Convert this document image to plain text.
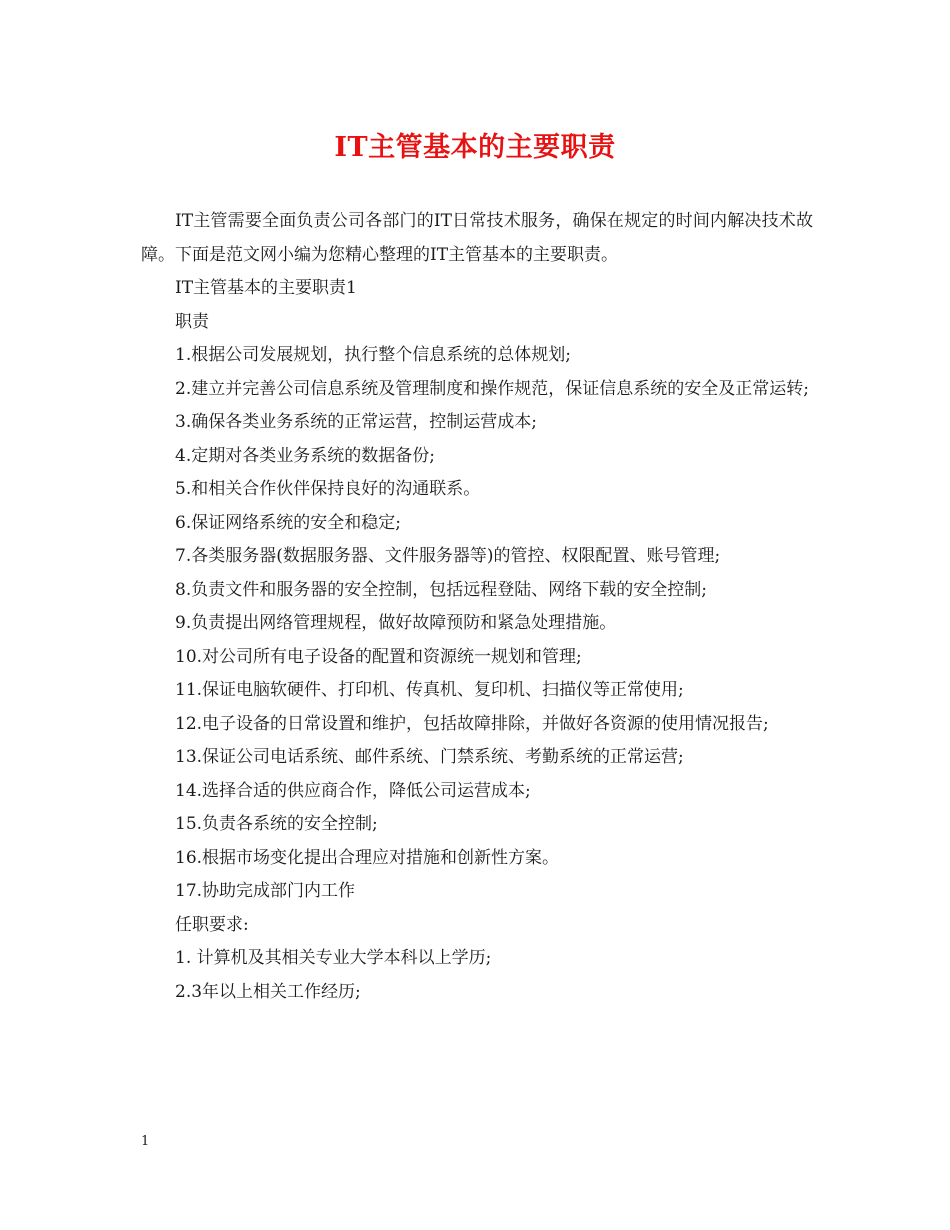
IT主管基本的主要职责

IT主管需要全面负责公司各部门的IT日常技术服务，确保在规定的时间内解决技术故障。下面是范文网小编为您精心整理的IT主管基本的主要职责。

IT主管基本的主要职责1

职责

1.根据公司发展规划，执行整个信息系统的总体规划;

2.建立并完善公司信息系统及管理制度和操作规范，保证信息系统的安全及正常运转;

3.确保各类业务系统的正常运营，控制运营成本;

4.定期对各类业务系统的数据备份;

5.和相关合作伙伴保持良好的沟通联系。

6.保证网络系统的安全和稳定;

7.各类服务器(数据服务器、文件服务器等)的管控、权限配置、账号管理;

8.负责文件和服务器的安全控制，包括远程登陆、网络下载的安全控制;

9.负责提出网络管理规程，做好故障预防和紧急处理措施。

10.对公司所有电子设备的配置和资源统一规划和管理;

11.保证电脑软硬件、打印机、传真机、复印机、扫描仪等正常使用;

12.电子设备的日常设置和维护，包括故障排除，并做好各资源的使用情况报告;

13.保证公司电话系统、邮件系统、门禁系统、考勤系统的正常运营;

14.选择合适的供应商合作，降低公司运营成本;

15.负责各系统的安全控制;

16.根据市场变化提出合理应对措施和创新性方案。

17.协助完成部门内工作

任职要求:

1. 计算机及其相关专业大学本科以上学历;

2.3年以上相关工作经历;

1
